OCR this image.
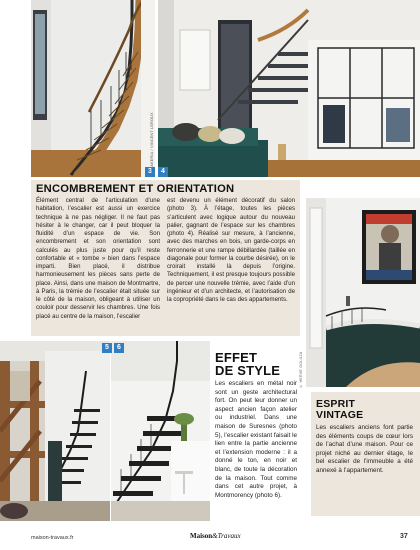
3	4
© AKERIA / VINCENT LEROUX
ENCOMBREMENT ET ORIENTATION
Élément central de l’articulation d’une habitation, l’escalier est aussi un exercice technique à ne pas négliger. Il ne faut pas hésiter à le changer, car il peut bloquer la fluidité d’un espace de vie. Son encombrement et son orientation sont calculés au plus juste pour qu’il reste confortable et « tombe » bien dans l’espace imparti. Bien placé, il distribue harmonieusement les pièces sans perte de place. Ainsi, dans une maison de Montmartre, à Paris, la trémie de l’escalier était située sur le côté de la maison, obligeant à utiliser un couloir pour desservir les chambres. Une fois placé au centre de la maison, l’escalier
est devenu un élément décoratif du salon (photo 3). À l’étage, toutes les pièces s’articulent avec logique autour du nouveau palier, gagnant de l’espace sur les chambres (photo 4). Réalisé sur mesure, à l’ancienne, avec des marches en bois, un garde-corps en ferronnerie et une rampe débillardée (taillée en diagonale pour former la courbe désirée), on le croirait installé là depuis l’origine. Techniquement, il est presque toujours possible de percer une nouvelle trémie, avec l’aide d’un ingénieur et d’un architecte, et l’autorisation de la copropriété dans le cas des appartements.
© HERVÉ GOLUZA
5	6
EFFET
DE STYLE
Les escaliers en métal noir sont un geste architectural fort. On peut leur donner un aspect ancien façon atelier ou industriel. Dans une maison de Suresnes (photo 5), l’escalier existant faisait le lien entre la partie ancienne et l’extension moderne : il a donné le ton, en noir et blanc, de toute la décoration de la maison. Tout comme dans cet autre projet, à Montmorency (photo 6).
ESPRIT
VINTAGE
Les escaliers anciens font partie des éléments coups de cœur lors de l’achat d’une maison. Pour ce projet niché au dernier étage, le bel escalier de l’immeuble a été annexé à l’appartement.
maison-travaux.fr	Maison&Travaux	37
